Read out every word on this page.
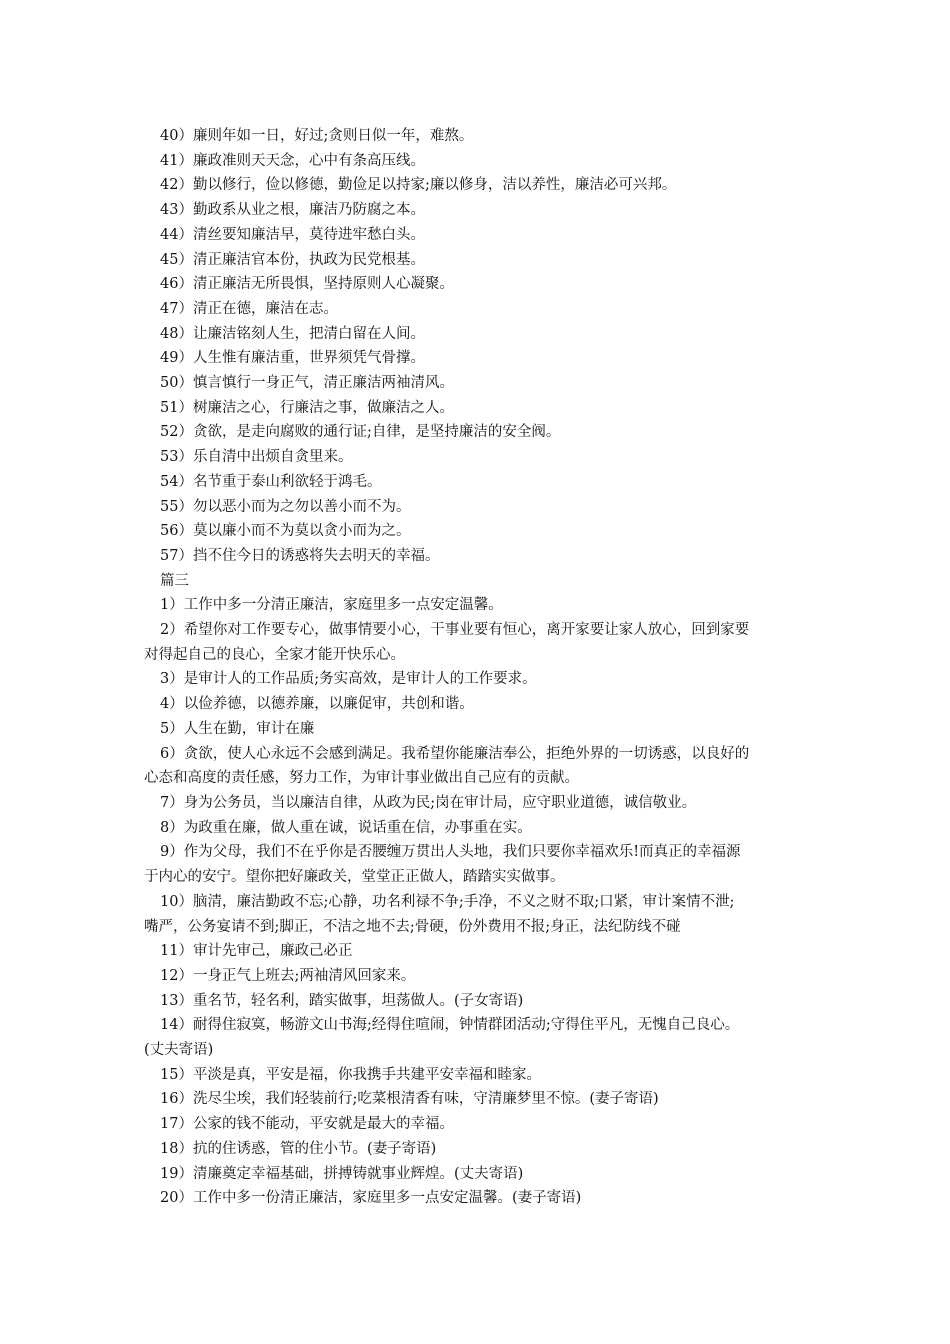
40）廉则年如一日，好过;贪则日似一年，难熬。
41）廉政准则天天念，心中有条高压线。
42）勤以修行，俭以修德，勤俭足以持家;廉以修身，洁以养性，廉洁必可兴邦。
43）勤政系从业之根，廉洁乃防腐之本。
44）清丝要知廉洁早，莫待进牢愁白头。
45）清正廉洁官本份，执政为民党根基。
46）清正廉洁无所畏惧，坚持原则人心凝聚。
47）清正在德，廉洁在志。
48）让廉洁铭刻人生，把清白留在人间。
49）人生惟有廉洁重，世界须凭气骨撑。
50）慎言慎行一身正气，清正廉洁两袖清风。
51）树廉洁之心，行廉洁之事，做廉洁之人。
52）贪欲，是走向腐败的通行证;自律，是坚持廉洁的安全阀。
53）乐自清中出烦自贪里来。
54）名节重于泰山利欲轻于鸿毛。
55）勿以恶小而为之勿以善小而不为。
56）莫以廉小而不为莫以贪小而为之。
57）挡不住今日的诱惑将失去明天的幸福。
篇三
1）工作中多一分清正廉洁，家庭里多一点安定温馨。
2）希望你对工作要专心，做事情要小心，干事业要有恒心，离开家要让家人放心，回到家要
对得起自己的良心，全家才能开快乐心。
3）是审计人的工作品质;务实高效，是审计人的工作要求。
4）以俭养德，以德养廉，以廉促审，共创和谐。
5）人生在勤，审计在廉
6）贪欲，使人心永远不会感到满足。我希望你能廉洁奉公，拒绝外界的一切诱惑，以良好的
心态和高度的责任感，努力工作，为审计事业做出自己应有的贡献。
7）身为公务员，当以廉洁自律，从政为民;岗在审计局，应守职业道德，诚信敬业。
8）为政重在廉，做人重在诚，说话重在信，办事重在实。
9）作为父母，我们不在乎你是否腰缠万贯出人头地，我们只要你幸福欢乐!而真正的幸福源
于内心的安宁。望你把好廉政关，堂堂正正做人，踏踏实实做事。
10）脑清，廉洁勤政不忘;心静，功名利禄不争;手净，不义之财不取;口紧，审计案情不泄;
嘴严，公务宴请不到;脚正，不洁之地不去;骨硬，份外费用不报;身正，法纪防线不碰
11）审计先审己，廉政己必正
12）一身正气上班去;两袖清风回家来。
13）重名节，轻名利，踏实做事，坦荡做人。(子女寄语)
14）耐得住寂寞，畅游文山书海;经得住喧闹，钟情群团活动;守得住平凡，无愧自己良心。
(丈夫寄语)
15）平淡是真，平安是福，你我携手共建平安幸福和睦家。
16）洗尽尘埃，我们轻装前行;吃菜根清香有味，守清廉梦里不惊。(妻子寄语)
17）公家的钱不能动，平安就是最大的幸福。
18）抗的住诱惑，管的住小节。(妻子寄语)
19）清廉奠定幸福基础，拼搏铸就事业辉煌。(丈夫寄语)
20）工作中多一份清正廉洁，家庭里多一点安定温馨。(妻子寄语)
